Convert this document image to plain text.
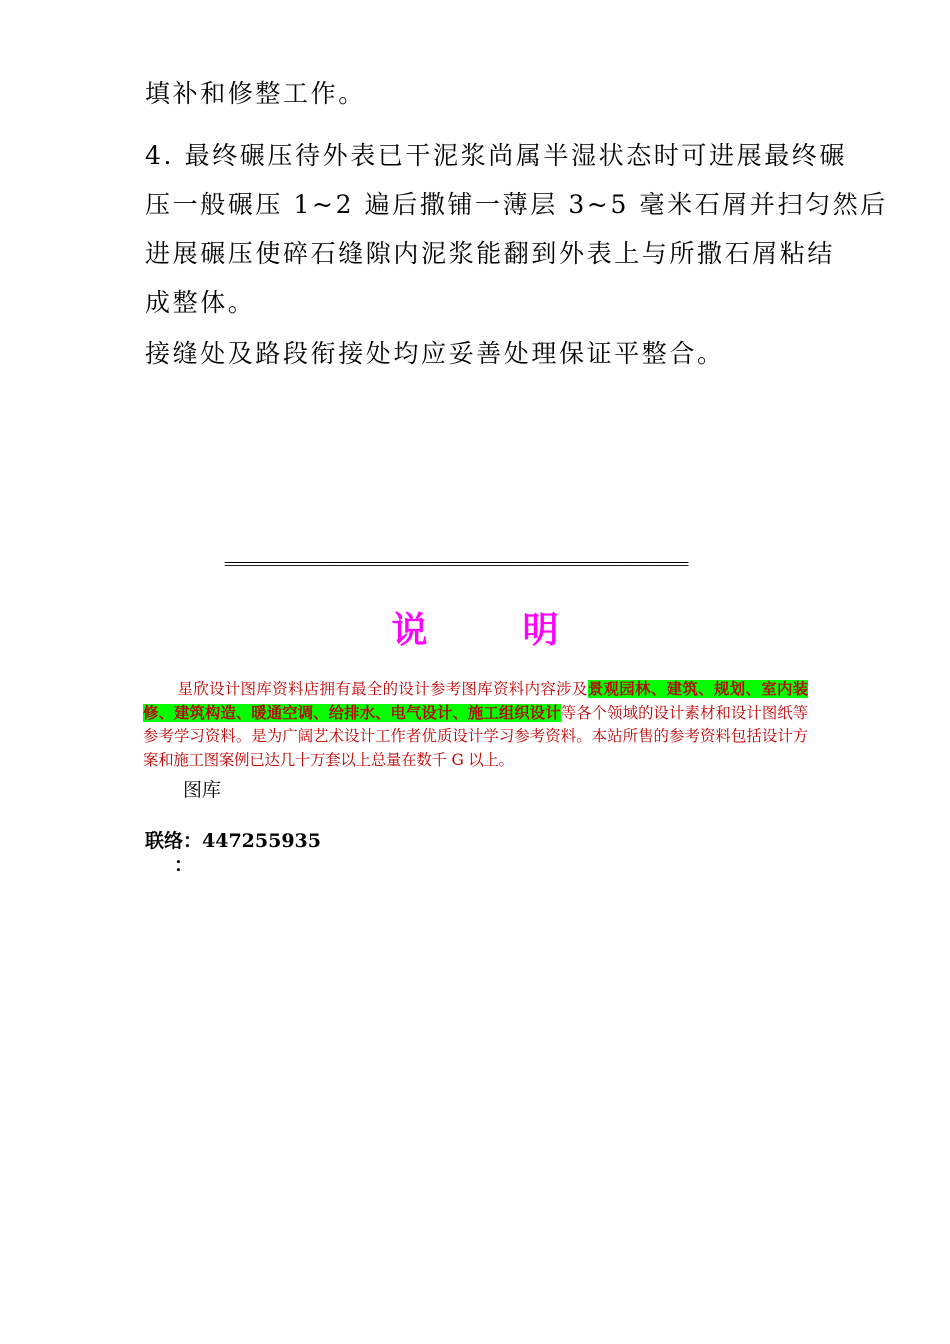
填补和修整工作。
4. 最终碾压待外表已干泥浆尚属半湿状态时可进展最终碾
压一般碾压 1~2 遍后撒铺一薄层 3~5 毫米石屑并扫匀然后
进展碾压使碎石缝隙内泥浆能翻到外表上与所撒石屑粘结
成整体。
接缝处及路段衔接处均应妥善处理保证平整合。
================================================================================
说	明
星欣设计图库资料店拥有最全的设计参考图库资料内容涉及景观园林、建筑、规划、室内装修、建筑构造、暖通空调、给排水、电气设计、施工组织设计等各个领域的设计素材和设计图纸等参考学习资料。是为广阔艺术设计工作者优质设计学习参考资料。本站所售的参考资料包括设计方案和施工图案例已达几十万套以上总量在数千 G 以上。
图库
联络：447255935
：
